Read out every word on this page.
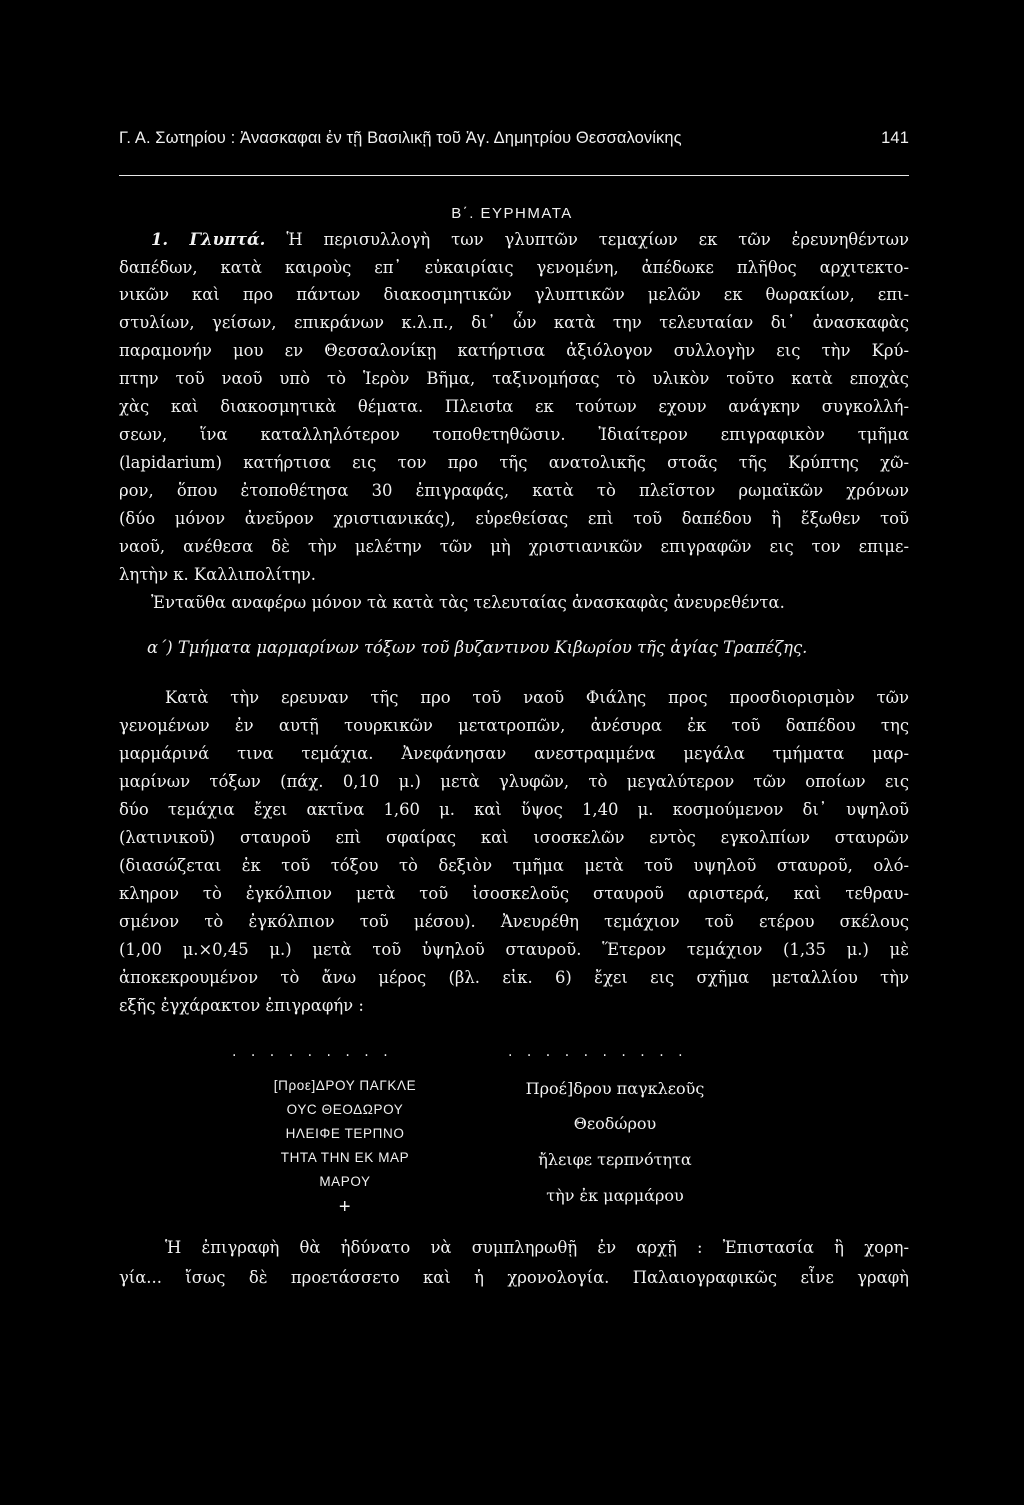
Γ. Α. Σωτηρίου : Ἀνασκαφαι ἐν τῇ Βασιλικῇ τοῦ Ἁγ. Δημητρίου Θεσσαλονίκης	141
Β΄. ΕΥΡΗΜΑΤΑ
1. Γλυπτά. Ἡ περισυλλογὴ των γλυπτῶν τεμαχίων εκ τῶν ἐρευνηθέντων
δαπέδων, κατὰ καιροὺς επ᾽ εὐκαιρίαις γενομένη, ἀπέδωκε πλῆθος αρχιτεκτο-
νικῶν καὶ προ πάντων διακοσμητικῶν γλυπτικῶν μελῶν εκ θωρακίων, επι-
στυλίων, γείσων, επικράνων κ.λ.π., δι᾽ ὧν κατὰ την τελευταίαν δι᾽ ἀνασκαφὰς
παραμονήν μου εν Θεσσαλονίκῃ κατήρτισα ἀξιόλογον συλλογὴν εις τὴν Κρύ-
πτην τοῦ ναοῦ υπὸ τὸ Ἱερὸν Βῆμα, ταξινομήσας τὸ υλικὸν τοῦτο κατὰ εποχὰς
χὰς καὶ διακοσμητικὰ θέματα. Πλεισtα εκ τούτων εχουν ανάγκην συγκολλή-
σεων, ἵνα καταλληλότερον τοποθετηθῶσιν. Ἰδιαίτερον επιγραφικὸν τμῆμα
(lapidarium) κατήρτισα εις τον προ τῆς ανατολικῆς στοᾶς τῆς Κρύπτης χῶ-
ρον, ὅπου ἐτοποθέτησα 30 ἐπιγραφάς, κατὰ τὸ πλεῖστον ρωμαϊκῶν χρόνων
(δύο μόνον ἀνεῦρον χριστιανικάς), εὑρεθείσας επὶ τοῦ δαπέδου ἢ ἔξωθεν τοῦ
ναοῦ, ανέθεσα δὲ τὴν μελέτην τῶν μὴ χριστιανικῶν επιγραφῶν εις τον επιμε-
λητὴν κ. Καλλιπολίτην.
Ἐνταῦθα αναφέρω μόνον τὰ κατὰ τὰς τελευταίας ἀνασκαφὰς ἀνευρεθέντα.
α΄) Τμήματα μαρμαρίνων τόξων τοῦ βυζαντινου Κιβωρίου τῆς ἁγίας Τραπέζης.
Κατὰ τὴν ερευναν τῆς προ τοῦ ναοῦ Φιάλης προς προσδιορισμὸν τῶν
γενομένων ἐν αυτῇ τουρκικῶν μετατροπῶν, ἀνέσυρα ἐκ τοῦ δαπέδου της
μαρμάρινά τινα τεμάχια. Ἀνεφάνησαν ανεστραμμένα μεγάλα τμήματα μαρ-
μαρίνων τόξων (πάχ. 0,10 μ.) μετὰ γλυφῶν, τὸ μεγαλύτερον τῶν οποίων εις
δύο τεμάχια ἔχει ακτῖνα 1,60 μ. καὶ ὕψος 1,40 μ. κοσμούμενον δι᾽ υψηλοῦ
(λατινικοῦ) σταυροῦ επὶ σφαίρας καὶ ισοσκελῶν εντὸς εγκολπίων σταυρῶν
(διασώζεται ἐκ τοῦ τόξου τὸ δεξιὸν τμῆμα μετὰ τοῦ υψηλοῦ σταυροῦ, ολό-
κληρον τὸ ἐγκόλπιον μετὰ τοῦ ἰσοσκελοῦς σταυροῦ αριστερά, καὶ τεθραυ-
σμένον τὸ ἐγκόλπιον τοῦ μέσου). Ἀνευρέθη τεμάχιον τοῦ ετέρου σκέλους
(1,00 μ.×0,45 μ.) μετὰ τοῦ ὑψηλοῦ σταυροῦ. Ἕτερον τεμάχιον (1,35 μ.) μὲ
ἀποκεκρουμένον τὸ ἄνω μέρος (βλ. εἰκ. 6) ἔχει εις σχῆμα μεταλλίου τὴν
εξῆς ἐγχάρακτον ἐπιγραφήν :
. . . . . . . . .	. . . . . . . . . .
[Προε]ΔΡΟΥ ΠΑΓΚΛΕ
ΟΥϹ ΘΕΟΔΩΡΟΥ
ΗΛΕΙΦΕ ΤΕΡΠΝΟ
ΤΗΤΑ ΤΗΝ ΕΚ ΜΑΡ
ΜΑΡΟΥ
+
Προέ]δρου παγκλεοῦς
Θεοδώρου
ἤλειφε τερπνότητα
τὴν ἐκ μαρμάρου
Ἡ ἐπιγραφὴ θὰ ἠδύνατο νὰ συμπληρωθῇ ἐν αρχῇ : Ἐπιστασία ἢ χορη-
γία... ἴσως δὲ προετάσσετο καὶ ἡ χρονολογία. Παλαιογραφικῶς εἶνε γραφὴ
